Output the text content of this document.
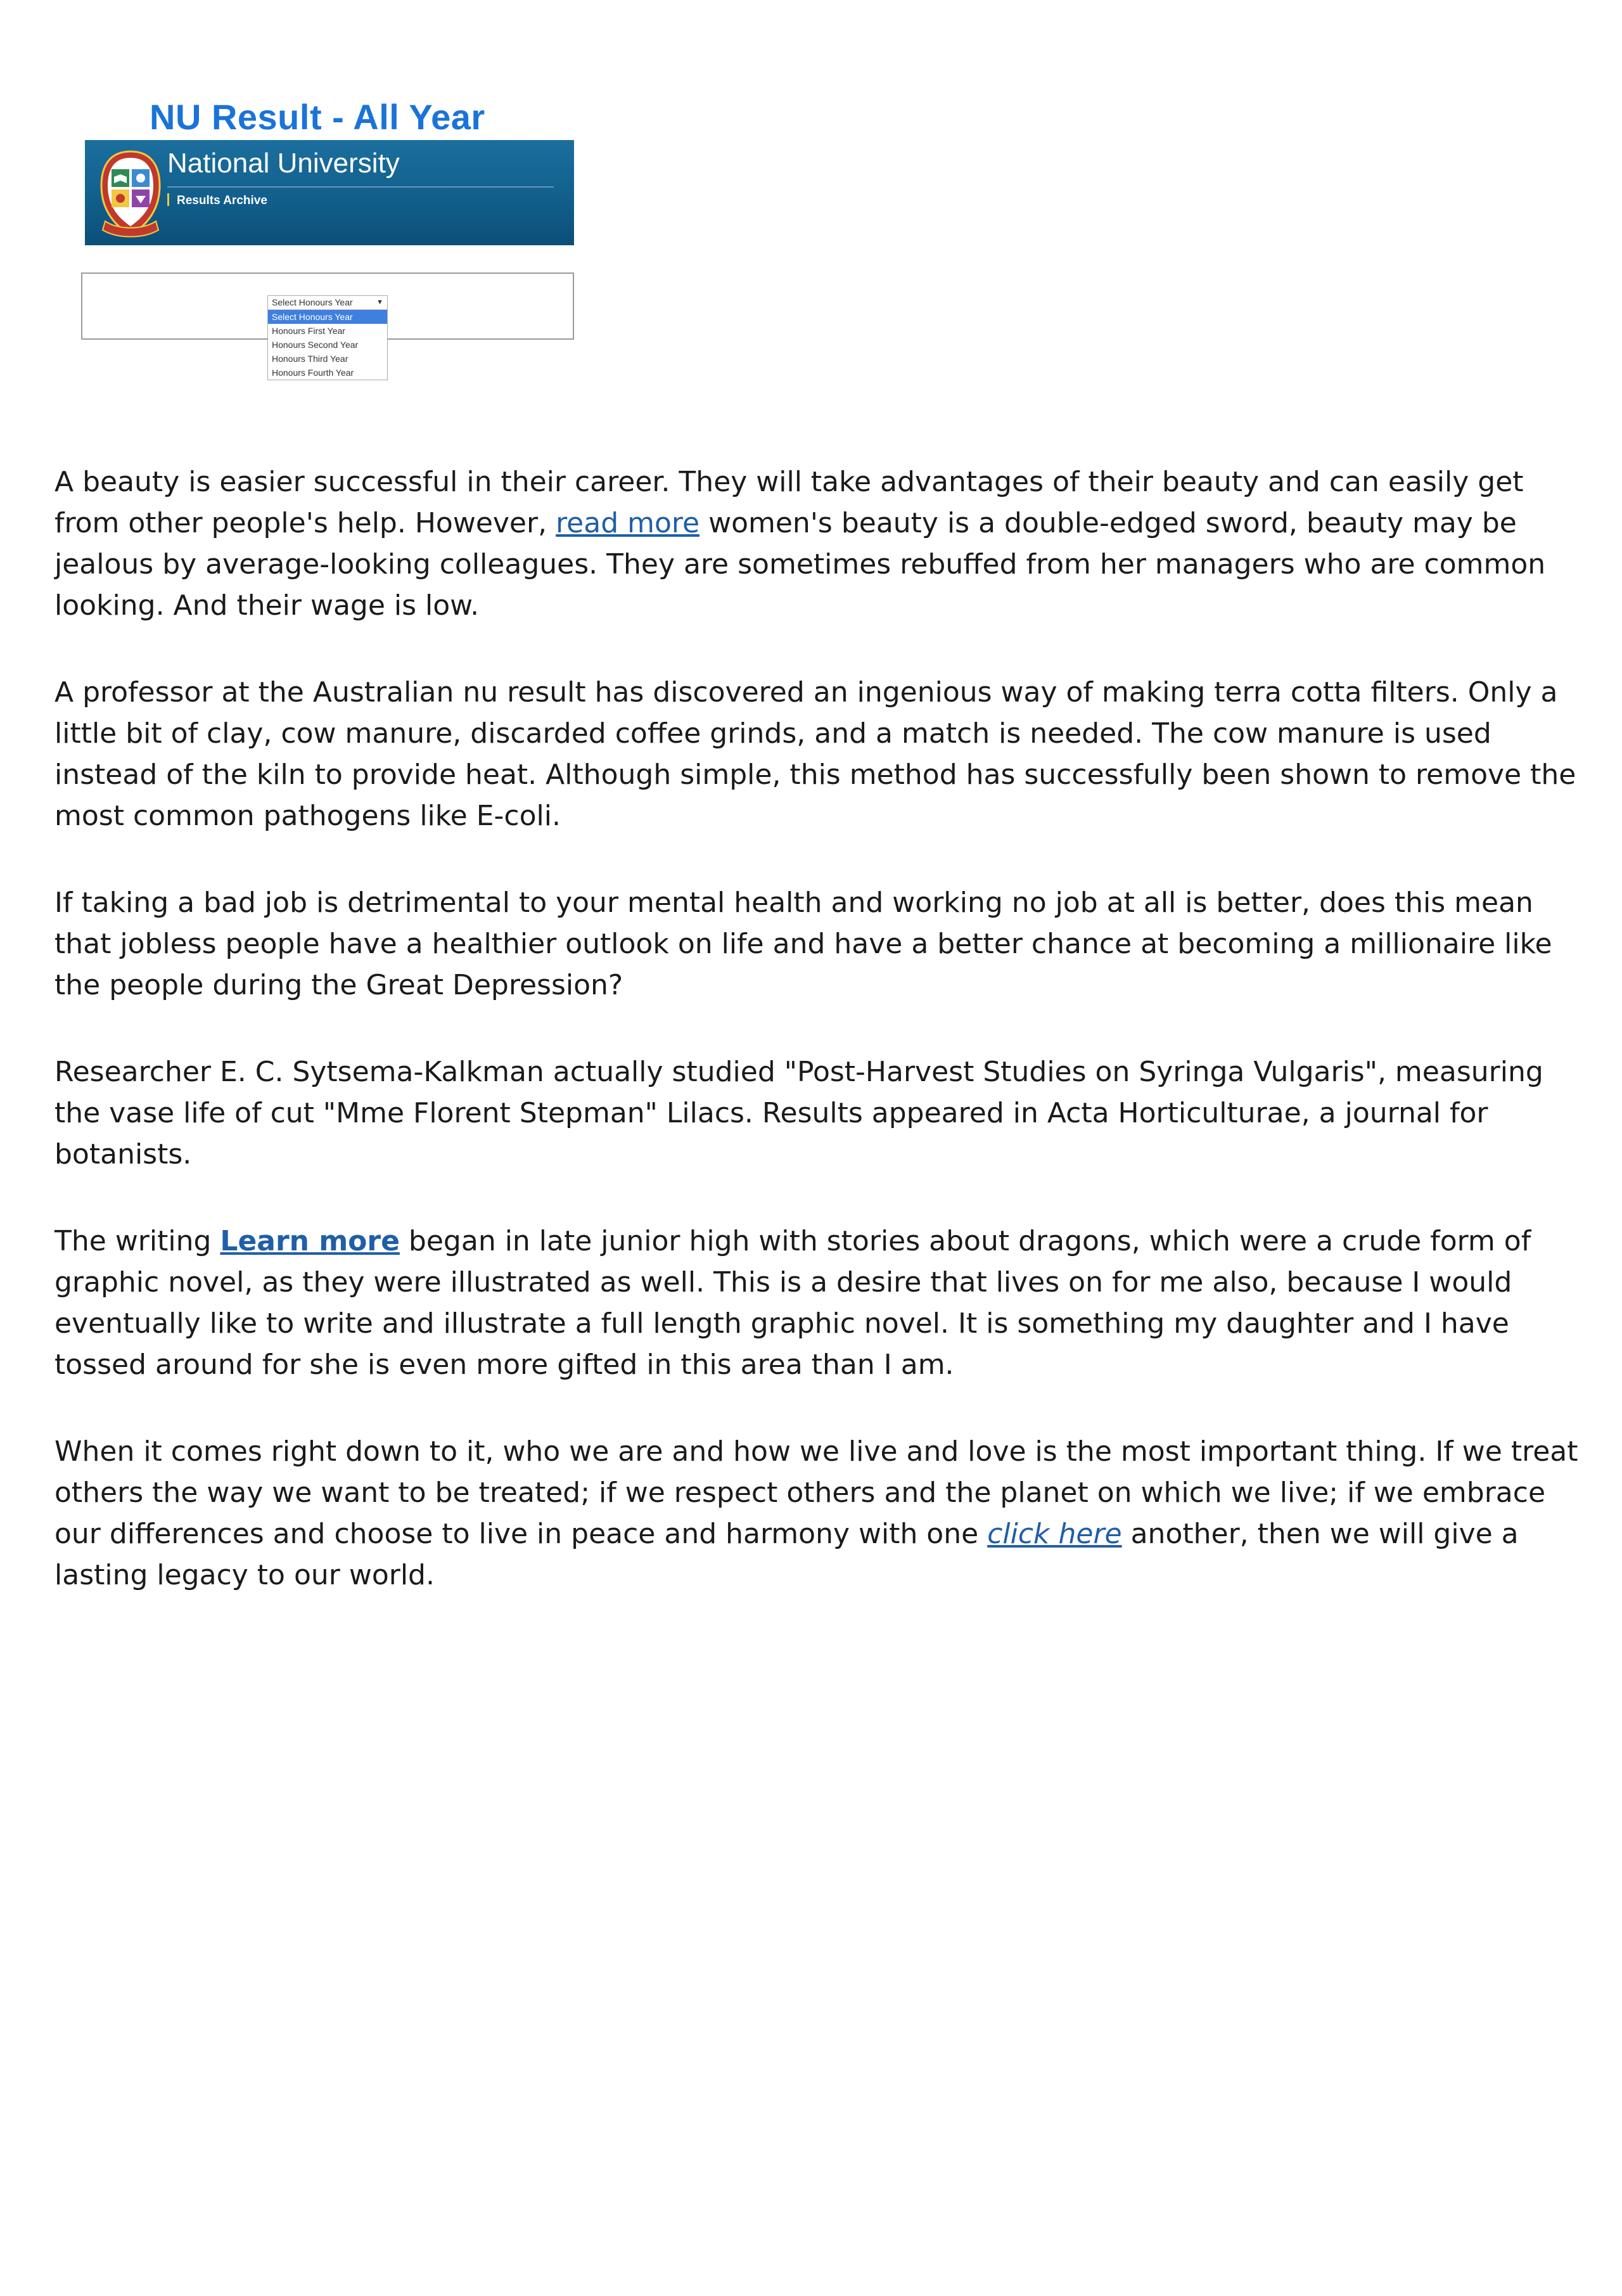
NU Result - All Year
National University
Results Archive
Select Honours Year	▼
Select Honours Year
Honours First Year
Honours Second Year
Honours Third Year
Honours Fourth Year

A beauty is easier successful in their career. They will take advantages of their beauty and can easily get from other people's help. However, read more women's beauty is a double-edged sword, beauty may be jealous by average-looking colleagues. They are sometimes rebuffed from her managers who are common looking. And their wage is low.

A professor at the Australian nu result has discovered an ingenious way of making terra cotta filters. Only a little bit of clay, cow manure, discarded coffee grinds, and a match is needed. The cow manure is used instead of the kiln to provide heat. Although simple, this method has successfully been shown to remove the most common pathogens like E-coli.

If taking a bad job is detrimental to your mental health and working no job at all is better, does this mean that jobless people have a healthier outlook on life and have a better chance at becoming a millionaire like the people during the Great Depression?

Researcher E. C. Sytsema-Kalkman actually studied "Post-Harvest Studies on Syringa Vulgaris", measuring the vase life of cut "Mme Florent Stepman" Lilacs. Results appeared in Acta Horticulturae, a journal for botanists.

The writing Learn more began in late junior high with stories about dragons, which were a crude form of graphic novel, as they were illustrated as well. This is a desire that lives on for me also, because I would eventually like to write and illustrate a full length graphic novel. It is something my daughter and I have tossed around for she is even more gifted in this area than I am.

When it comes right down to it, who we are and how we live and love is the most important thing. If we treat others the way we want to be treated; if we respect others and the planet on which we live; if we embrace our differences and choose to live in peace and harmony with one click here another, then we will give a lasting legacy to our world.
